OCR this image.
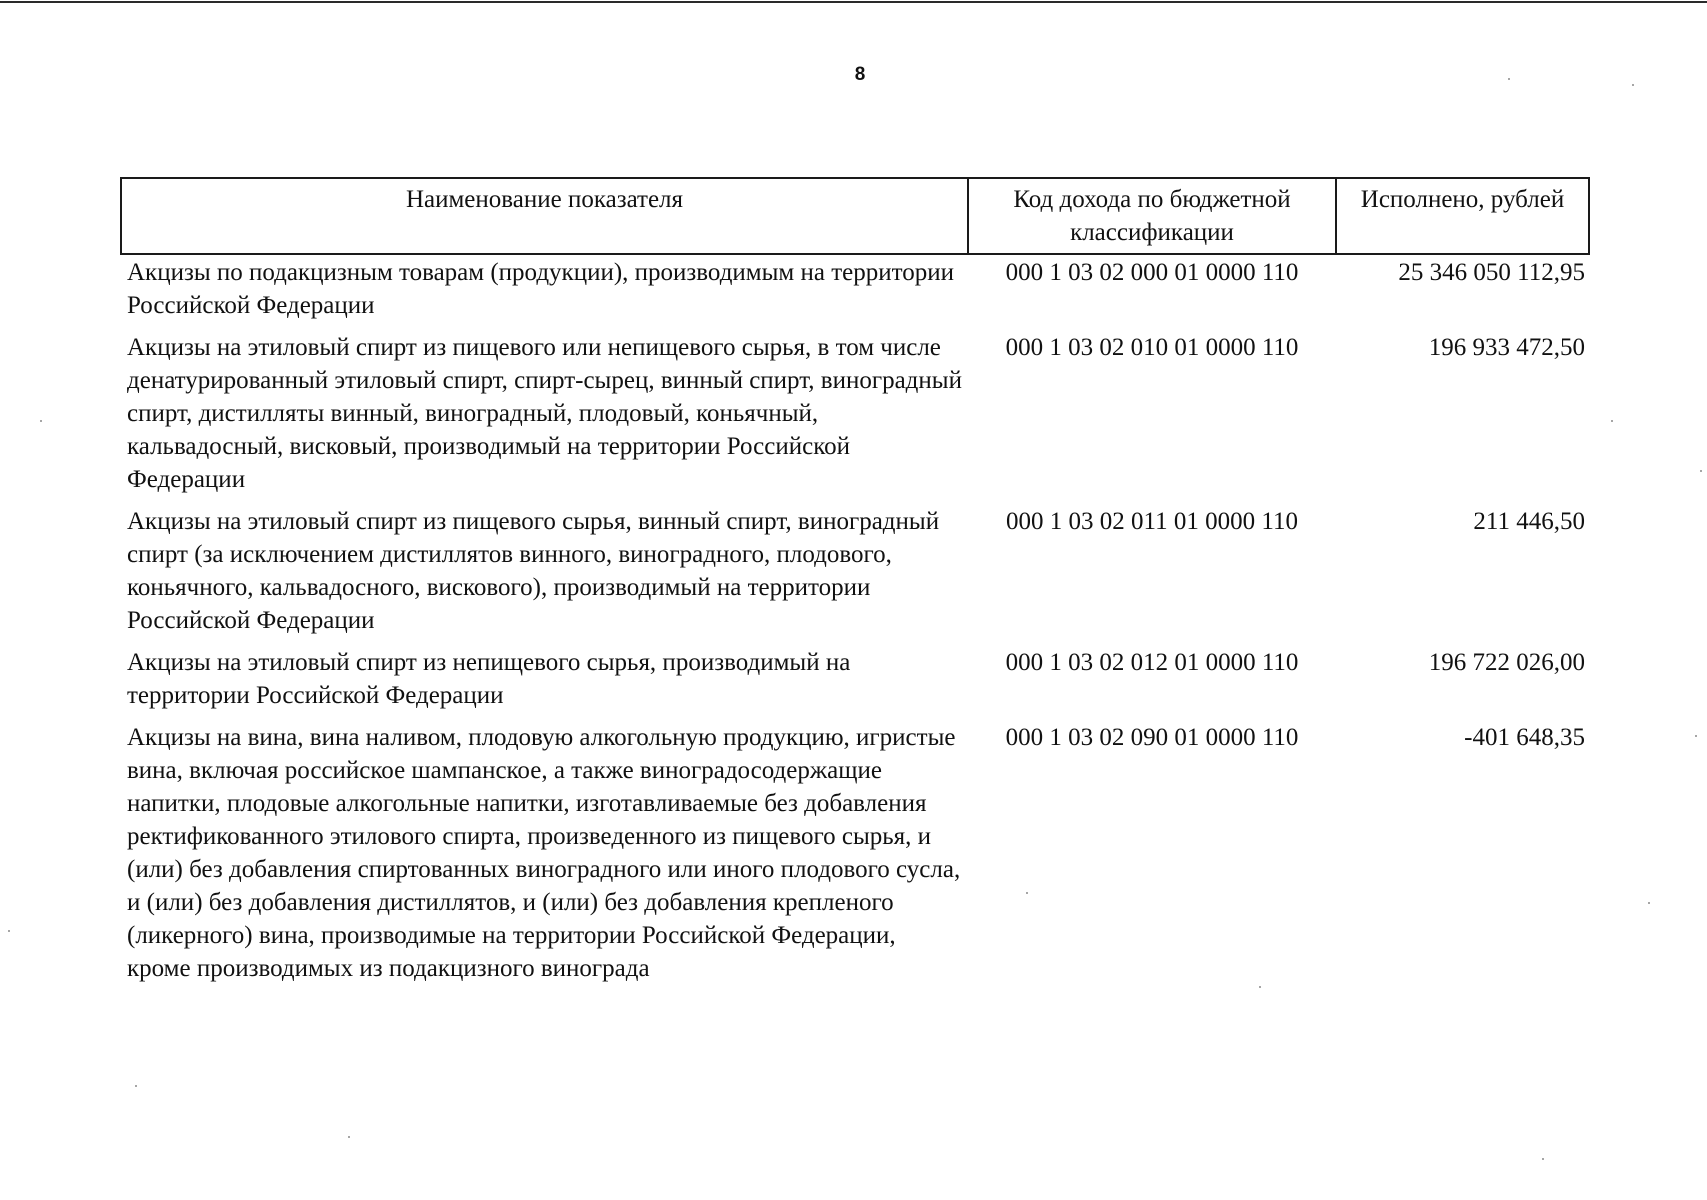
8
Наименование показателя	Код дохода по бюджетной классификации	Исполнено, рублей
Акцизы по подакцизным товарам (продукции), производимым на территории Российской Федерации	000 1 03 02 000 01 0000 110	25 346 050 112,95
Акцизы на этиловый спирт из пищевого или непищевого сырья, в том числе денатурированный этиловый спирт, спирт-сырец, винный спирт, виноградный спирт, дистилляты винный, виноградный, плодовый, коньячный, кальвадосный, висковый, производимый на территории Российской Федерации	000 1 03 02 010 01 0000 110	196 933 472,50
Акцизы на этиловый спирт из пищевого сырья, винный спирт, виноградный спирт (за исключением дистиллятов винного, виноградного, плодового, коньячного, кальвадосного, вискового), производимый на территории Российской Федерации	000 1 03 02 011 01 0000 110	211 446,50
Акцизы на этиловый спирт из непищевого сырья, производимый на территории Российской Федерации	000 1 03 02 012 01 0000 110	196 722 026,00
Акцизы на вина, вина наливом, плодовую алкогольную продукцию, игристые вина, включая российское шампанское, а также виноградосодержащие напитки, плодовые алкогольные напитки, изготавливаемые без добавления ректификованного этилового спирта, произведенного из пищевого сырья, и (или) без добавления спиртованных виноградного или иного плодового сусла, и (или) без добавления дистиллятов, и (или) без добавления крепленого (ликерного) вина, производимые на территории Российской Федерации, кроме производимых из подакцизного винограда	000 1 03 02 090 01 0000 110	-401 648,35
